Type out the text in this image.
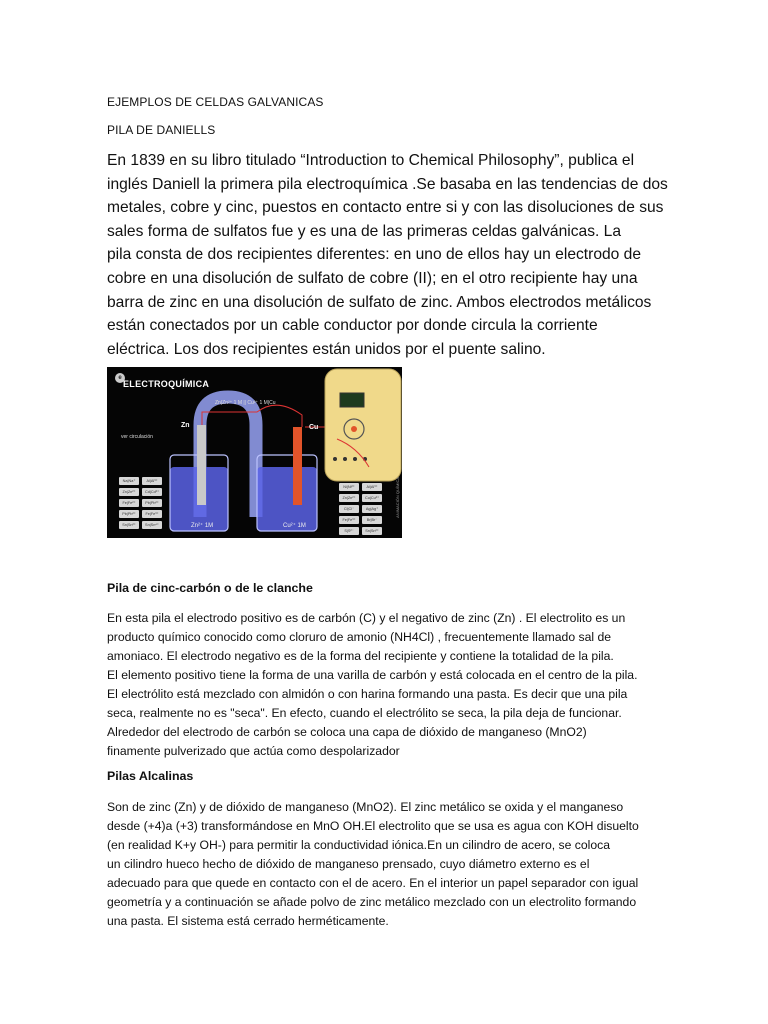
EJEMPLOS DE CELDAS GALVANICAS
PILA DE DANIELLS

En 1839 en su libro titulado “Introduction to Chemical Philosophy”, publica el
inglés Daniell la primera pila electroquímica .Se basaba en las tendencias de dos
metales, cobre y cinc, puestos en contacto entre si y con las disoluciones de sus
sales forma de sulfatos fue y es una de las primeras celdas galvánicas. La
pila consta de dos recipientes diferentes: en uno de ellos hay un electrodo de
cobre en una disolución de sulfato de cobre (II); en el otro recipiente hay una
barra de zinc en una disolución de sulfato de zinc. Ambos electrodos metálicos
están conectados por un cable conductor por donde circula la corriente
eléctrica. Los dos recipientes están unidos por el puente salino.

e
ELECTROQUÍMICA
Zn|Zn²⁺ 1 M || Cu²⁺ 1 M|Cu
Zn	Cu
ver circulación
Zn²⁺ 1M	Cu²⁺ 1M
ANIMACIÓN QUÍMICA
Na|Na⁺	Al|Al³⁺
Zn|Zn²⁺	Cd|Cd²⁺
Fe|Fe²⁺	Pb|Pb²⁺
Pb|Pb²⁺	Fe|Fe³⁺
Sn|Sn²⁺	Sn|Sn⁴⁺
Ni|Ni²⁺	Al|Al³⁺
Zn|Zn²⁺	Cu|Cu²⁺
Cl|Cl⁻	Ag|Ag⁺
Fe|Fe³⁺	Br|Br⁻
S|S²⁻	Sn|Sn²⁺
Pila de cinc-carbón o de le clanche

En esta pila el electrodo positivo es de carbón (C) y el negativo de zinc (Zn) . El electrolito es un
producto químico conocido como cloruro de amonio (NH4Cl) , frecuentemente llamado sal de
amoniaco. El electrodo negativo es de la forma del recipiente y contiene la totalidad de la pila.
El elemento positivo tiene la forma de una varilla de carbón y está colocada en el centro de la pila.
El electrólito está mezclado con almidón o con harina formando una pasta. Es decir que una pila
seca, realmente no es "seca". En efecto, cuando el electrólito se seca, la pila deja de funcionar.
Alrededor del electrodo de carbón se coloca una capa de dióxido de manganeso (MnO2)
finamente pulverizado que actúa como despolarizador

Pilas Alcalinas

Son de zinc (Zn) y de dióxido de manganeso (MnO2). El zinc metálico se oxida y el manganeso
desde (+4)a (+3) transformándose en MnO OH.El electrolito que se usa es agua con KOH disuelto
(en realidad K+y OH-) para permitir la conductividad iónica.En un cilindro de acero, se coloca
un cilindro hueco hecho de dióxido de manganeso prensado, cuyo diámetro externo es el
adecuado para que quede en contacto con el de acero. En el interior un papel separador con igual
geometría y a continuación se añade polvo de zinc metálico mezclado con un electrolito formando
una pasta. El sistema está cerrado herméticamente.
